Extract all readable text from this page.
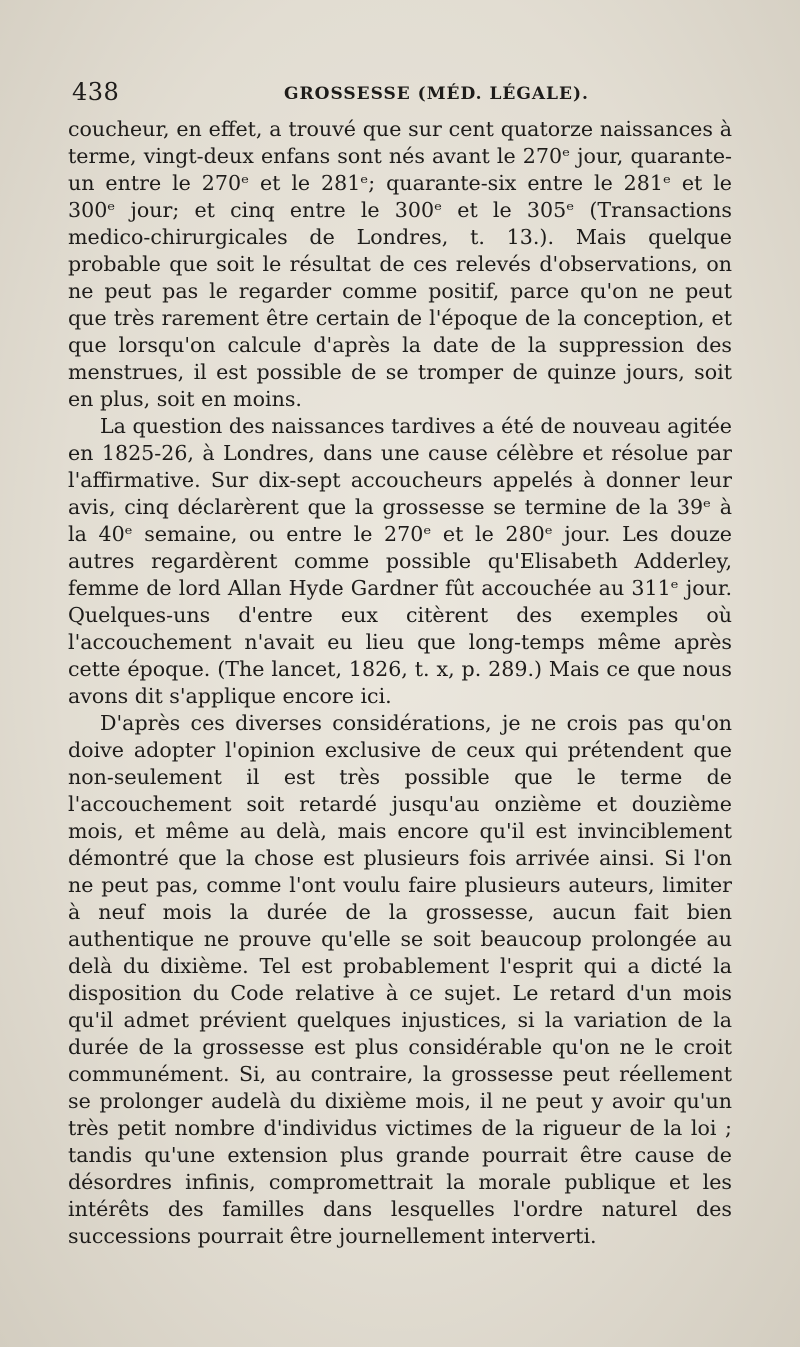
438	GROSSESSE (MÉD. LÉGALE).

coucheur, en effet, a trouvé que sur cent quatorze naissances à terme, vingt-deux enfans sont nés avant le 270ᵉ jour, quarante-un entre le 270ᵉ et le 281ᵉ; quarante-six entre le 281ᵉ et le 300ᵉ jour; et cinq entre le 300ᵉ et le 305ᵉ (Transactions medico-chirurgicales de Londres, t. 13.). Mais quelque probable que soit le résultat de ces relevés d'observations, on ne peut pas le regarder comme positif, parce qu'on ne peut que très rarement être certain de l'époque de la conception, et que lorsqu'on calcule d'après la date de la suppression des menstrues, il est possible de se tromper de quinze jours, soit en plus, soit en moins.

La question des naissances tardives a été de nouveau agitée en 1825-26, à Londres, dans une cause célèbre et résolue par l'affirmative. Sur dix-sept accoucheurs appelés à donner leur avis, cinq déclarèrent que la grossesse se termine de la 39ᵉ à la 40ᵉ semaine, ou entre le 270ᵉ et le 280ᵉ jour. Les douze autres regardèrent comme possible qu'Elisabeth Adderley, femme de lord Allan Hyde Gardner fût accouchée au 311ᵉ jour. Quelques-uns d'entre eux citèrent des exemples où l'accouchement n'avait eu lieu que long-temps même après cette époque. (The lancet, 1826, t. x, p. 289.) Mais ce que nous avons dit s'applique encore ici.

D'après ces diverses considérations, je ne crois pas qu'on doive adopter l'opinion exclusive de ceux qui prétendent que non-seulement il est très possible que le terme de l'accouchement soit retardé jusqu'au onzième et douzième mois, et même au delà, mais encore qu'il est invinciblement démontré que la chose est plusieurs fois arrivée ainsi. Si l'on ne peut pas, comme l'ont voulu faire plusieurs auteurs, limiter à neuf mois la durée de la grossesse, aucun fait bien authentique ne prouve qu'elle se soit beaucoup prolongée au delà du dixième. Tel est probablement l'esprit qui a dicté la disposition du Code relative à ce sujet. Le retard d'un mois qu'il admet prévient quelques injustices, si la variation de la durée de la grossesse est plus considérable qu'on ne le croit communément. Si, au contraire, la grossesse peut réellement se prolonger audelà du dixième mois, il ne peut y avoir qu'un très petit nombre d'individus victimes de la rigueur de la loi ; tandis qu'une extension plus grande pourrait être cause de désordres infinis, compromettrait la morale publique et les intérêts des familles dans lesquelles l'ordre naturel des successions pourrait être journellement interverti.
